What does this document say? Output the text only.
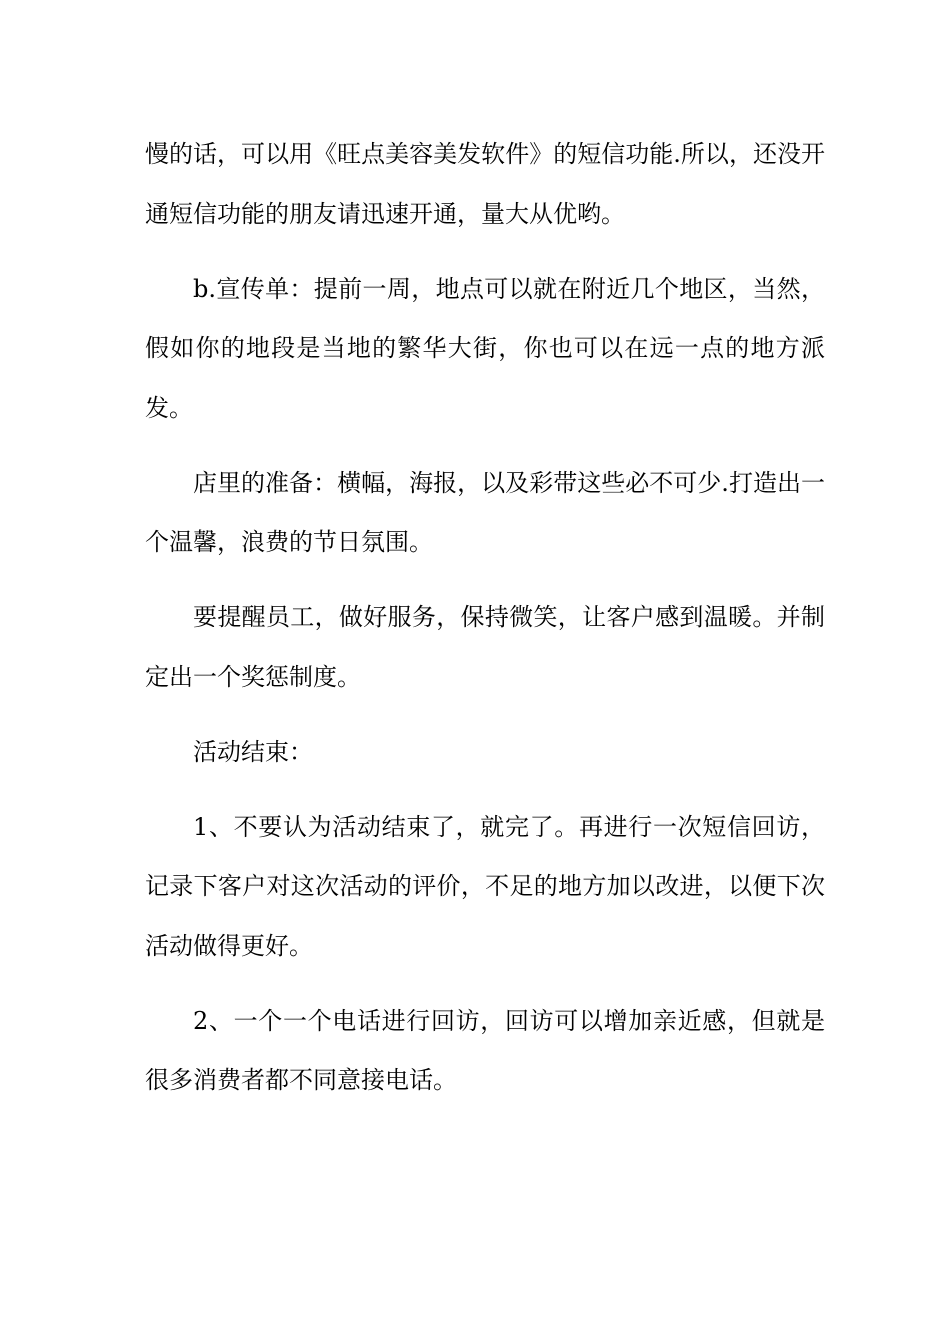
慢的话，可以用《旺点美容美发软件》的短信功能.所以，还没开通短信功能的朋友请迅速开通，量大从优哟。

b.宣传单：提前一周，地点可以就在附近几个地区，当然，假如你的地段是当地的繁华大街，你也可以在远一点的地方派发。

店里的准备：横幅，海报，以及彩带这些必不可少.打造出一个温馨，浪费的节日氛围。

要提醒员工，做好服务，保持微笑，让客户感到温暖。并制定出一个奖惩制度。

活动结束：

1、不要认为活动结束了，就完了。再进行一次短信回访，记录下客户对这次活动的评价，不足的地方加以改进，以便下次活动做得更好。

2、一个一个电话进行回访，回访可以增加亲近感，但就是很多消费者都不同意接电话。
